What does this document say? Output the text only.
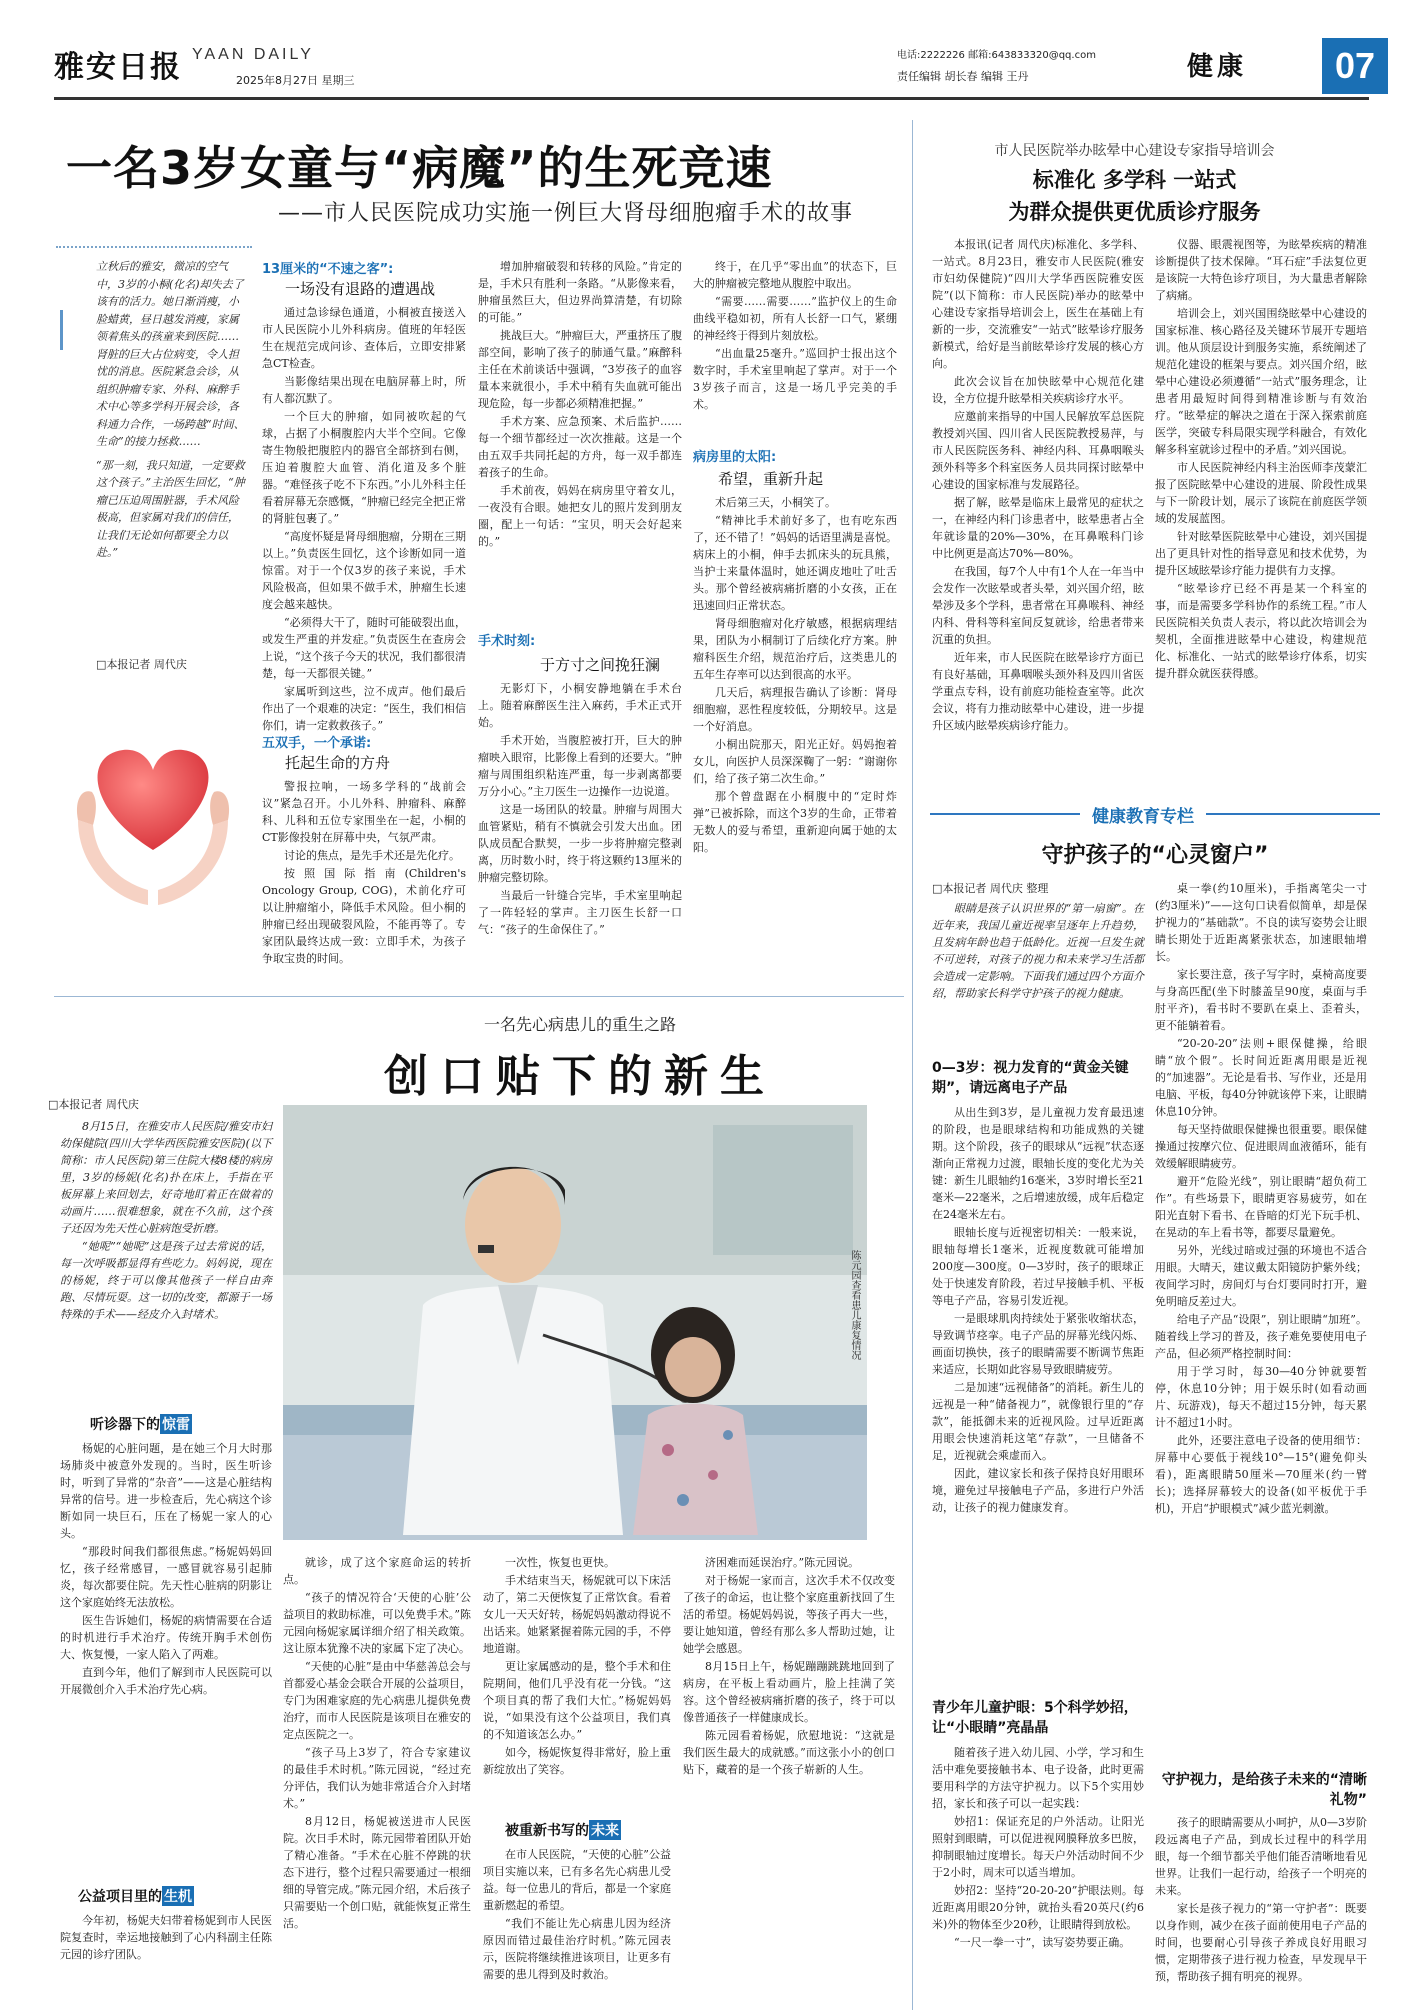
雅安日报 YAAN DAILY
2025年8月27日 星期三
电话:2222226 邮箱:643833320@qq.com
责任编辑 胡长春 编辑 王丹	健康	07
一名3岁女童与“病魔”的生死竞速
——市人民医院成功实施一例巨大肾母细胞瘤手术的故事
立秋后的雅安，微凉的空气中，3岁的小桐(化名)却失去了该有的活力。她日渐消瘦，小脸蜡黄，昼日越发消瘦，家属领着焦头的孩童来到医院……肾脏的巨大占位病变，令人担忧的消息。医院紧急会诊，从组织肿瘤专家、外科、麻醉手术中心等多学科开展会诊，各科通力合作，一场跨越“时间、生命”的接力拯救……
“那一刻，我只知道，一定要救这个孩子。”主治医生回忆，“肿瘤已压迫周围脏器，手术风险极高，但家属对我们的信任，让我们无论如何都要全力以赴。”
□本报记者 周代庆
13厘米的“不速之客”:
一场没有退路的遭遇战

通过急诊绿色通道，小桐被直接送入市人民医院小儿外科病房。值班的年轻医生在规范完成问诊、查体后，立即安排紧急CT检查。

当影像结果出现在电脑屏幕上时，所有人都沉默了。

一个巨大的肿瘤，如同被吹起的气球，占据了小桐腹腔内大半个空间。它像寄生物般把腹腔内的器官全部挤到右侧，压迫着腹腔大血管、消化道及多个脏器。“难怪孩子吃不下东西。”小儿外科主任看着屏幕无奈感慨，“肿瘤已经完全把正常的肾脏包裹了。”

“高度怀疑是肾母细胞瘤，分期在三期以上。”负责医生回忆，这个诊断如同一道惊雷。对于一个仅3岁的孩子来说，手术风险极高，但如果不做手术，肿瘤生长速度会越来越快。

“必须得大干了，随时可能破裂出血，或发生严重的并发症。”负责医生在查房会上说，“这个孩子今天的状况，我们都很清楚，每一天都很关键。”

家属听到这些，泣不成声。他们最后作出了一个艰难的决定：“医生，我们相信你们，请一定救救孩子。”

五双手，一个承诺:
托起生命的方舟

警报拉响，一场多学科的“战前会议”紧急召开。小儿外科、肿瘤科、麻醉科、儿科和五位专家围坐在一起，小桐的CT影像投射在屏幕中央，气氛严肃。

讨论的焦点，是先手术还是先化疗。

按照国际指南(Children's Oncology Group, COG)，术前化疗可以让肿瘤缩小，降低手术风险。但小桐的肿瘤已经出现破裂风险，不能再等了。专家团队最终达成一致：立即手术，为孩子争取宝贵的时间。

增加肿瘤破裂和转移的风险。”肯定的是，手术只有胜利一条路。“从影像来看，肿瘤虽然巨大，但边界尚算清楚，有切除的可能。”

挑战巨大。“肿瘤巨大，严重挤压了腹部空间，影响了孩子的肺通气量。”麻醉科主任在术前谈话中强调，“3岁孩子的血容量本来就很小，手术中稍有失血就可能出现危险，每一步都必须精准把握。”

手术方案、应急预案、术后监护……每一个细节都经过一次次推敲。这是一个由五双手共同托起的方舟，每一双手都连着孩子的生命。

手术前夜，妈妈在病房里守着女儿，一夜没有合眼。她把女儿的照片发到朋友圈，配上一句话：“宝贝，明天会好起来的。”

手术时刻:
于方寸之间挽狂澜

无影灯下，小桐安静地躺在手术台上。随着麻醉医生注入麻药，手术正式开始。

手术开始，当腹腔被打开，巨大的肿瘤映入眼帘，比影像上看到的还要大。“肿瘤与周围组织粘连严重，每一步剥离都要万分小心。”主刀医生一边操作一边说道。

这是一场团队的较量。肿瘤与周围大血管紧贴，稍有不慎就会引发大出血。团队成员配合默契，一步一步将肿瘤完整剥离，历时数小时，终于将这颗约13厘米的肿瘤完整切除。

当最后一针缝合完毕，手术室里响起了一阵轻轻的掌声。主刀医生长舒一口气：“孩子的生命保住了。”

终于，在几乎“零出血”的状态下，巨大的肿瘤被完整地从腹腔中取出。

“需要……需要……”监护仪上的生命曲线平稳如初，所有人长舒一口气，紧绷的神经终于得到片刻放松。

“出血量25毫升。”巡回护士报出这个数字时，手术室里响起了掌声。对于一个3岁孩子而言，这是一场几乎完美的手术。

病房里的太阳:
希望，重新升起

术后第三天，小桐笑了。

“精神比手术前好多了，也有吃东西了，还不错了！”妈妈的话语里满是喜悦。病床上的小桐，伸手去抓床头的玩具熊，当护士来量体温时，她还调皮地吐了吐舌头。那个曾经被病痛折磨的小女孩，正在迅速回归正常状态。

肾母细胞瘤对化疗敏感，根据病理结果，团队为小桐制订了后续化疗方案。肿瘤科医生介绍，规范治疗后，这类患儿的五年生存率可以达到很高的水平。

几天后，病理报告确认了诊断：肾母细胞瘤，恶性程度较低，分期较早。这是一个好消息。

小桐出院那天，阳光正好。妈妈抱着女儿，向医护人员深深鞠了一躬：“谢谢你们，给了孩子第二次生命。”

那个曾盘踞在小桐腹中的“定时炸弹”已被拆除，而这个3岁的生命，正带着无数人的爱与希望，重新迎向属于她的太阳。

市人民医院举办眩晕中心建设专家指导培训会
标准化 多学科 一站式
为群众提供更优质诊疗服务

本报讯(记者 周代庆)标准化、多学科、一站式。8月23日，雅安市人民医院(雅安市妇幼保健院)“四川大学华西医院雅安医院”(以下简称：市人民医院)举办的眩晕中心建设专家指导培训会上，医生在基础上有新的一步，交流雅安“一站式”眩晕诊疗服务新模式，给好是当前眩晕诊疗发展的核心方向。

此次会议旨在加快眩晕中心规范化建设，全方位提升眩晕相关疾病诊疗水平。

应邀前来指导的中国人民解放军总医院教授刘兴国、四川省人民医院教授易萍，与市人民医院医务科、神经内科、耳鼻咽喉头颈外科等多个科室医务人员共同探讨眩晕中心建设的国家标准与发展路径。

据了解，眩晕是临床上最常见的症状之一，在神经内科门诊患者中，眩晕患者占全年就诊量的20%—30%，在耳鼻喉科门诊中比例更是高达70%—80%。

在我国，每7个人中有1个人在一年当中会发作一次眩晕或者头晕，刘兴国介绍，眩晕涉及多个学科，患者常在耳鼻喉科、神经内科、骨科等科室间反复就诊，给患者带来沉重的负担。

近年来，市人民医院在眩晕诊疗方面已有良好基础，耳鼻咽喉头颈外科及四川省医学重点专科，设有前庭功能检查室等。此次会议，将有力推动眩晕中心建设，进一步提升区域内眩晕疾病诊疗能力。

仪器、眼震视图等，为眩晕疾病的精准诊断提供了技术保障。“耳石症”手法复位更是该院一大特色诊疗项目，为大量患者解除了病痛。

培训会上，刘兴国围绕眩晕中心建设的国家标准、核心路径及关键环节展开专题培训。他从顶层设计到服务实施，系统阐述了规范化建设的框架与要点。刘兴国介绍，眩晕中心建设必须遵循“一站式”服务理念，让患者用最短时间得到精准诊断与有效治疗。“眩晕症的解决之道在于深入探索前庭医学，突破专科局限实现学科融合，有效化解多科室就诊过程中的矛盾。”刘兴国说。

市人民医院神经内科主治医师李茂蒙汇报了医院眩晕中心建设的进展、阶段性成果与下一阶段计划，展示了该院在前庭医学领域的发展蓝图。

针对眩晕医院眩晕中心建设，刘兴国提出了更具针对性的指导意见和技术优势，为提升区域眩晕诊疗能力提供有力支撑。

“眩晕诊疗已经不再是某一个科室的事，而是需要多学科协作的系统工程。”市人民医院相关负责人表示，将以此次培训会为契机，全面推进眩晕中心建设，构建规范化、标准化、一站式的眩晕诊疗体系，切实提升群众就医获得感。

健康教育专栏
守护孩子的“心灵窗户”
□本报记者 周代庆 整理

眼睛是孩子认识世界的“第一扇窗”。在近年来，我国儿童近视率呈逐年上升趋势，且发病年龄也趋于低龄化。近视一旦发生就不可逆转，对孩子的视力和未来学习生活都会造成一定影响。下面我们通过四个方面介绍，帮助家长科学守护孩子的视力健康。

0—3岁：视力发育的“黄金关键期”，请远离电子产品

从出生到3岁，是儿童视力发育最迅速的阶段，也是眼球结构和功能成熟的关键期。这个阶段，孩子的眼球从“远视”状态逐渐向正常视力过渡，眼轴长度的变化尤为关键：新生儿眼轴约16毫米，3岁时增长至21毫米—22毫米，之后增速放缓，成年后稳定在24毫米左右。

眼轴长度与近视密切相关：一般来说，眼轴每增长1毫米，近视度数就可能增加200度—300度。0—3岁时，孩子的眼球正处于快速发育阶段，若过早接触手机、平板等电子产品，容易引发近视。

一是眼球肌肉持续处于紧张收缩状态，导致调节痉挛。电子产品的屏幕光线闪烁、画面切换快，孩子的眼睛需要不断调节焦距来适应，长期如此容易导致眼睛疲劳。

二是加速“远视储备”的消耗。新生儿的远视是一种“储备视力”，就像银行里的“存款”，能抵御未来的近视风险。过早近距离用眼会快速消耗这笔“存款”，一旦储备不足，近视就会乘虚而入。

因此，建议家长和孩子保持良好用眼环境，避免过早接触电子产品，多进行户外活动，让孩子的视力健康发育。

青少年儿童护眼：5个科学妙招，让“小眼睛”亮晶晶

随着孩子进入幼儿园、小学，学习和生活中难免要接触书本、电子设备，此时更需要用科学的方法守护视力。以下5个实用妙招，家长和孩子可以一起实践：

妙招1：保证充足的户外活动。让阳光照射到眼睛，可以促进视网膜释放多巴胺，抑制眼轴过度增长。每天户外活动时间不少于2小时，周末可以适当增加。

妙招2：坚持“20-20-20”护眼法则。每近距离用眼20分钟，就抬头看20英尺(约6米)外的物体至少20秒，让眼睛得到放松。

“一尺一拳一寸”，读写姿势要正确。

桌一拳(约10厘米)，手指离笔尖一寸(约3厘米)”——这句口诀看似简单，却是保护视力的“基础款”。不良的读写姿势会让眼睛长期处于近距离紧张状态，加速眼轴增长。

家长要注意，孩子写字时，桌椅高度要与身高匹配(坐下时膝盖呈90度，桌面与手肘平齐)，看书时不要趴在桌上、歪着头，更不能躺着看。

“20-20-20”法则+眼保健操，给眼睛“放个假”。长时间近距离用眼是近视的“加速器”。无论是看书、写作业，还是用电脑、平板，每40分钟就该停下来，让眼睛休息10分钟。

每天坚持做眼保健操也很重要。眼保健操通过按摩穴位、促进眼周血液循环，能有效缓解眼睛疲劳。

避开“危险光线”，别让眼睛“超负荷工作”。有些场景下，眼睛更容易疲劳，如在阳光直射下看书、在昏暗的灯光下玩手机、在晃动的车上看书等，都要尽量避免。

另外，光线过暗或过强的环境也不适合用眼。大晴天，建议戴太阳镜防护紫外线；夜间学习时，房间灯与台灯要同时打开，避免明暗反差过大。

给电子产品“设限”，别让眼睛“加班”。随着线上学习的普及，孩子难免要使用电子产品，但必须严格控制时间：

用于学习时，每30—40分钟就要暂停，休息10分钟；用于娱乐时(如看动画片、玩游戏)，每天不超过15分钟，每天累计不超过1小时。

此外，还要注意电子设备的使用细节：屏幕中心要低于视线10°—15°(避免仰头看)，距离眼睛50厘米—70厘米(约一臂长)；选择屏幕较大的设备(如平板优于手机)，开启“护眼模式”减少蓝光刺激。

守护视力，是给孩子未来的“清晰礼物”

孩子的眼睛需要从小呵护，从0—3岁阶段远离电子产品，到成长过程中的科学用眼，每一个细节都关乎他们能否清晰地看见世界。让我们一起行动，给孩子一个明亮的未来。

家长是孩子视力的“第一守护者”：既要以身作则，减少在孩子面前使用电子产品的时间，也要耐心引导孩子养成良好用眼习惯，定期带孩子进行视力检查，早发现早干预，帮助孩子拥有明亮的视界。

一名先心病患儿的重生之路
创口贴下的新生
□本报记者 周代庆

8月15日，在雅安市人民医院/雅安市妇幼保健院(四川大学华西医院雅安医院)(以下简称：市人民医院)第三住院大楼8楼的病房里，3岁的杨妮(化名)扑在床上，手指在平板屏幕上来回划去，好奇地盯着正在做着的动画片……很难想象，就在不久前，这个孩子还因为先天性心脏病饱受折磨。

“她呢”“她呢”这是孩子过去常说的话，每一次呼吸都显得有些吃力。妈妈说，现在的杨妮，终于可以像其他孩子一样自由奔跑、尽情玩耍。这一切的改变，都源于一场特殊的手术——经皮介入封堵术。

听诊器下的 惊雷

杨妮的心脏问题，是在她三个月大时那场肺炎中被意外发现的。当时，医生听诊时，听到了异常的“杂音”——这是心脏结构异常的信号。进一步检查后，先心病这个诊断如同一块巨石，压在了杨妮一家人的心头。

“那段时间我们都很焦虑。”杨妮妈妈回忆，孩子经常感冒，一感冒就容易引起肺炎，每次都要住院。先天性心脏病的阴影让这个家庭始终无法放松。

医生告诉她们，杨妮的病情需要在合适的时机进行手术治疗。传统开胸手术创伤大、恢复慢，一家人陷入了两难。

直到今年，他们了解到市人民医院可以开展微创介入手术治疗先心病。

公益项目里的 生机

今年初，杨妮夫妇带着杨妮到市人民医院复查时，幸运地接触到了心内科副主任陈元园的诊疗团队。

陈元园查看患儿康复情况

就诊，成了这个家庭命运的转折点。

“孩子的情况符合‘天使的心脏’公益项目的救助标准，可以免费手术。”陈元园向杨妮家属详细介绍了相关政策。这让原本犹豫不决的家属下定了决心。

“天使的心脏”是由中华慈善总会与首都爱心基金会联合开展的公益项目，专门为困难家庭的先心病患儿提供免费治疗，而市人民医院是该项目在雅安的定点医院之一。

“孩子马上3岁了，符合专家建议的最佳手术时机。”陈元园说，“经过充分评估，我们认为她非常适合介入封堵术。”

8月12日，杨妮被送进市人民医院。次日手术时，陈元园带着团队开始了精心准备。“手术在心脏不停跳的状态下进行，整个过程只需要通过一根细细的导管完成。”陈元园介绍，术后孩子只需要贴一个创口贴，就能恢复正常生活。

一次性，恢复也更快。

手术结束当天，杨妮就可以下床活动了，第二天便恢复了正常饮食。看着女儿一天天好转，杨妮妈妈激动得说不出话来。她紧紧握着陈元园的手，不停地道谢。

更让家属感动的是，整个手术和住院期间，他们几乎没有花一分钱。“这个项目真的帮了我们大忙。”杨妮妈妈说，“如果没有这个公益项目，我们真的不知道该怎么办。”

如今，杨妮恢复得非常好，脸上重新绽放出了笑容。

被重新书写的 未来

在市人民医院，“天使的心脏”公益项目实施以来，已有多名先心病患儿受益。每一位患儿的背后，都是一个家庭重新燃起的希望。

“我们不能让先心病患儿因为经济原因而错过最佳治疗时机。”陈元园表示，医院将继续推进该项目，让更多有需要的患儿得到及时救治。

济困难而延误治疗。”陈元园说。

对于杨妮一家而言，这次手术不仅改变了孩子的命运，也让整个家庭重新找回了生活的希望。杨妮妈妈说，等孩子再大一些，要让她知道，曾经有那么多人帮助过她，让她学会感恩。

8月15日上午，杨妮蹦蹦跳跳地回到了病房，在平板上看动画片，脸上挂满了笑容。这个曾经被病痛折磨的孩子，终于可以像普通孩子一样健康成长。

陈元园看着杨妮，欣慰地说：“这就是我们医生最大的成就感。”而这张小小的创口贴下，藏着的是一个孩子崭新的人生。
